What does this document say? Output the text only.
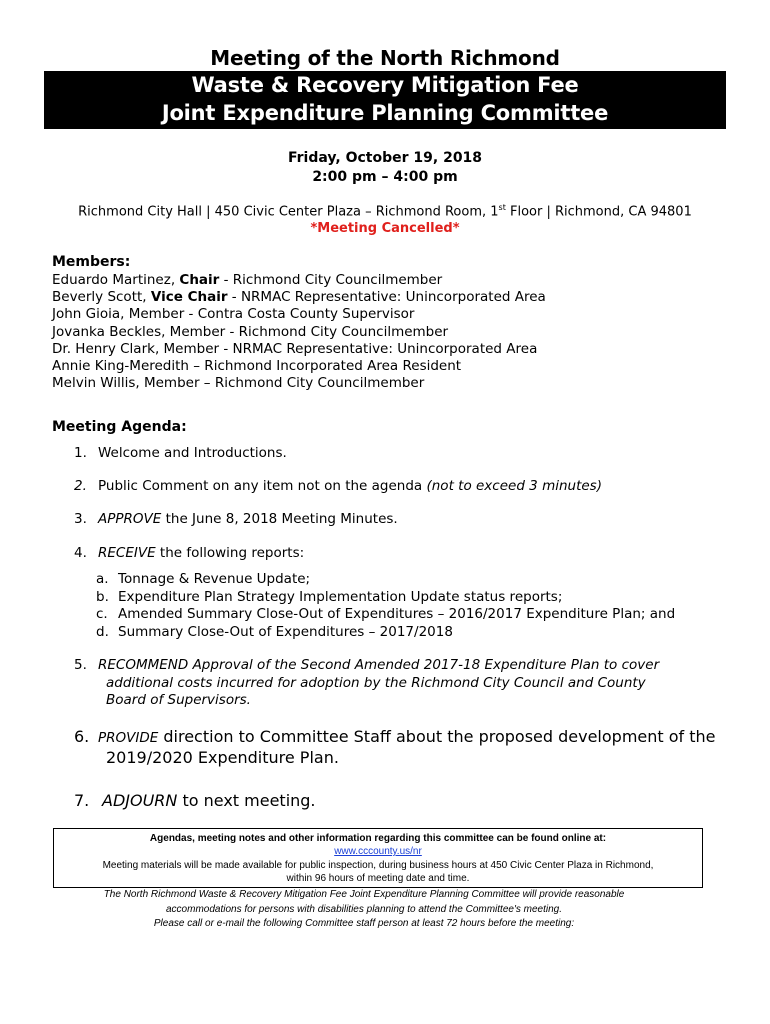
Meeting of the North Richmond
Waste & Recovery Mitigation Fee
Joint Expenditure Planning Committee
Friday, October 19, 2018
2:00 pm – 4:00 pm
Richmond City Hall | 450 Civic Center Plaza – Richmond Room, 1st Floor | Richmond, CA 94801
*Meeting Cancelled*
Members:
Eduardo Martinez, Chair - Richmond City Councilmember
Beverly Scott, Vice Chair - NRMAC Representative: Unincorporated Area
John Gioia, Member - Contra Costa County Supervisor
Jovanka Beckles, Member - Richmond City Councilmember
Dr. Henry Clark, Member - NRMAC Representative: Unincorporated Area
Annie King-Meredith – Richmond Incorporated Area Resident
Melvin Willis, Member – Richmond City Councilmember
Meeting Agenda:
1. Welcome and Introductions.
2. Public Comment on any item not on the agenda (not to exceed 3 minutes)
3. APPROVE the June 8, 2018 Meeting Minutes.
4. RECEIVE the following reports:
a. Tonnage & Revenue Update;
b. Expenditure Plan Strategy Implementation Update status reports;
c. Amended Summary Close-Out of Expenditures – 2016/2017 Expenditure Plan; and
d. Summary Close-Out of Expenditures – 2017/2018
5. RECOMMEND Approval of the Second Amended 2017-18 Expenditure Plan to cover
additional costs incurred for adoption by the Richmond City Council and County
Board of Supervisors.
6. PROVIDE direction to Committee Staff about the proposed development of the
2019/2020 Expenditure Plan.
7. ADJOURN to next meeting.
Agendas, meeting notes and other information regarding this committee can be found online at:
www.cccounty.us/nr
Meeting materials will be made available for public inspection, during business hours at 450 Civic Center Plaza in Richmond,
within 96 hours of meeting date and time.
The North Richmond Waste & Recovery Mitigation Fee Joint Expenditure Planning Committee will provide reasonable
accommodations for persons with disabilities planning to attend the Committee's meeting.
Please call or e-mail the following Committee staff person at least 72 hours before the meeting:
